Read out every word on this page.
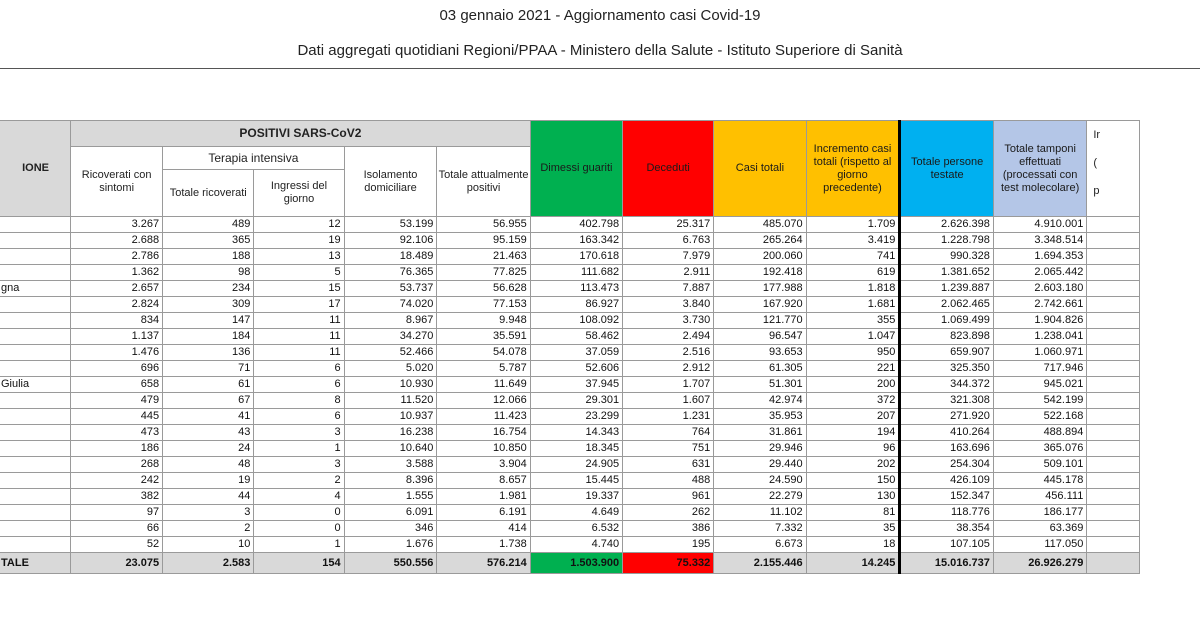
03 gennaio 2021 - Aggiornamento casi Covid-19
Dati aggregati quotidiani Regioni/PPAA - Ministero della Salute - Istituto Superiore di Sanità
IONE	POSITIVI SARS-CoV2					Dimessi guariti	Deceduti	Casi totali	Incremento casi totali (rispetto al giorno precedente)	Totale persone testate	Totale tamponi effettuati (processati con test molecolare)	Ir
(
p
	Ricoverati con sintomi	Terapia intensiva		Isolamento domiciliare	Totale attualmente positivi							
		Totale ricoverati	Ingressi del giorno									
	3.267	489	12	53.199	56.955	402.798	25.317	485.070	1.709	2.626.398	4.910.001	
	2.688	365	19	92.106	95.159	163.342	6.763	265.264	3.419	1.228.798	3.348.514	
	2.786	188	13	18.489	21.463	170.618	7.979	200.060	741	990.328	1.694.353	
	1.362	98	5	76.365	77.825	111.682	2.911	192.418	619	1.381.652	2.065.442	
gna	2.657	234	15	53.737	56.628	113.473	7.887	177.988	1.818	1.239.887	2.603.180	
	2.824	309	17	74.020	77.153	86.927	3.840	167.920	1.681	2.062.465	2.742.661	
	834	147	11	8.967	9.948	108.092	3.730	121.770	355	1.069.499	1.904.826	
	1.137	184	11	34.270	35.591	58.462	2.494	96.547	1.047	823.898	1.238.041	
	1.476	136	11	52.466	54.078	37.059	2.516	93.653	950	659.907	1.060.971	
	696	71	6	5.020	5.787	52.606	2.912	61.305	221	325.350	717.946	
Giulia	658	61	6	10.930	11.649	37.945	1.707	51.301	200	344.372	945.021	
	479	67	8	11.520	12.066	29.301	1.607	42.974	372	321.308	542.199	
	445	41	6	10.937	11.423	23.299	1.231	35.953	207	271.920	522.168	
	473	43	3	16.238	16.754	14.343	764	31.861	194	410.264	488.894	
	186	24	1	10.640	10.850	18.345	751	29.946	96	163.696	365.076	
	268	48	3	3.588	3.904	24.905	631	29.440	202	254.304	509.101	
	242	19	2	8.396	8.657	15.445	488	24.590	150	426.109	445.178	
	382	44	4	1.555	1.981	19.337	961	22.279	130	152.347	456.111	
	97	3	0	6.091	6.191	4.649	262	11.102	81	118.776	186.177	
	66	2	0	346	414	6.532	386	7.332	35	38.354	63.369	
	52	10	1	1.676	1.738	4.740	195	6.673	18	107.105	117.050	
TALE	23.075	2.583	154	550.556	576.214	1.503.900	75.332	2.155.446	14.245	15.016.737	26.926.279	
